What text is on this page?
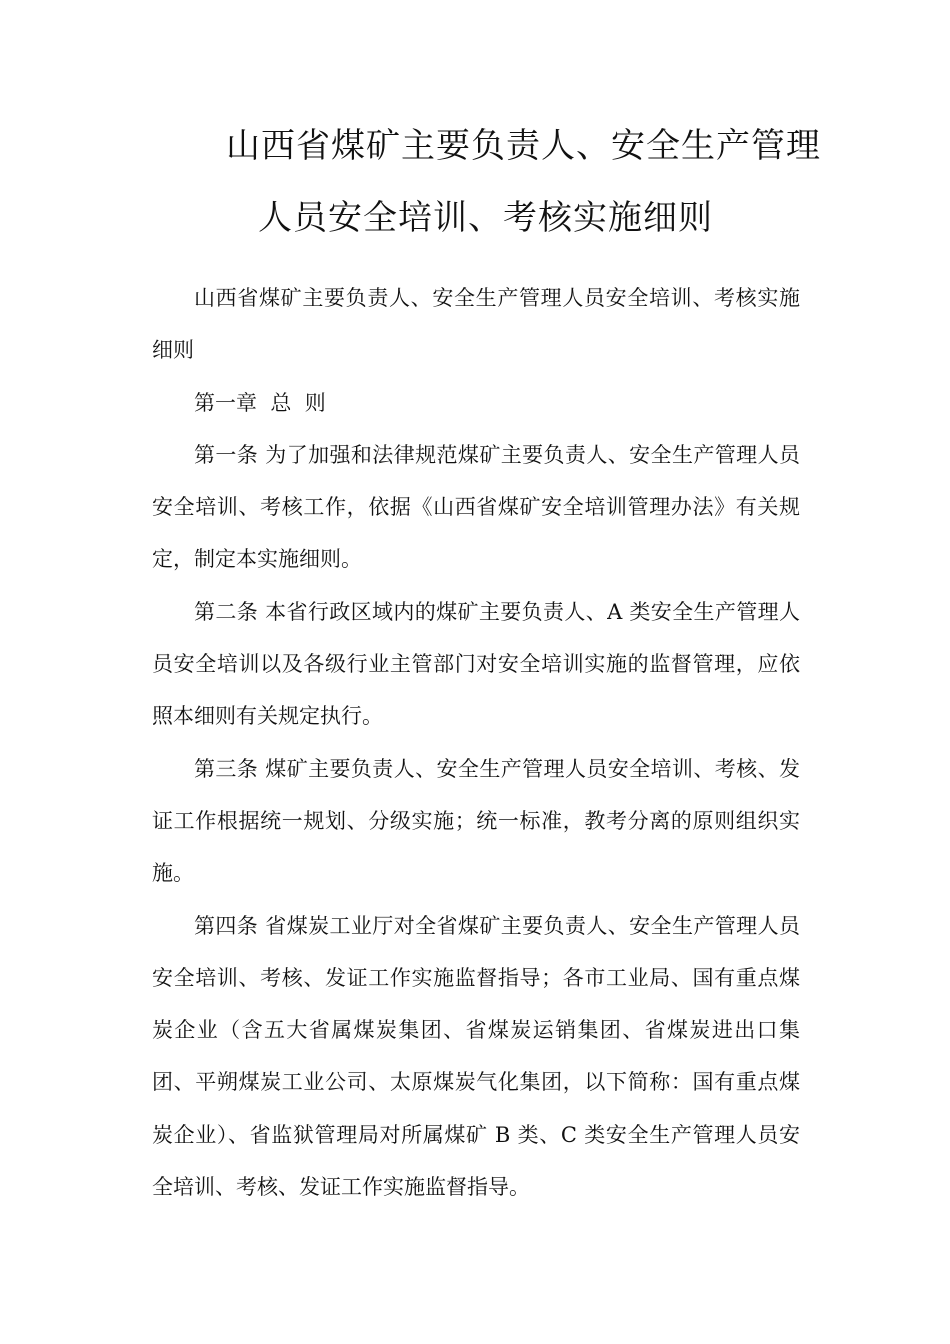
山西省煤矿主要负责人、安全生产管理
人员安全培训、考核实施细则

山西省煤矿主要负责人、安全生产管理人员安全培训、考核实施细则

第一章  总  则

第一条 为了加强和法律规范煤矿主要负责人、安全生产管理人员安全培训、考核工作，依据《山西省煤矿安全培训管理办法》有关规定，制定本实施细则。

第二条 本省行政区域内的煤矿主要负责人、A 类安全生产管理人员安全培训以及各级行业主管部门对安全培训实施的监督管理，应依照本细则有关规定执行。

第三条 煤矿主要负责人、安全生产管理人员安全培训、考核、发证工作根据统一规划、分级实施；统一标准，教考分离的原则组织实施。

第四条 省煤炭工业厅对全省煤矿主要负责人、安全生产管理人员安全培训、考核、发证工作实施监督指导；各市工业局、国有重点煤炭企业（含五大省属煤炭集团、省煤炭运销集团、省煤炭进出口集团、平朔煤炭工业公司、太原煤炭气化集团，以下简称：国有重点煤炭企业）、省监狱管理局对所属煤矿 B 类、C 类安全生产管理人员安全培训、考核、发证工作实施监督指导。
